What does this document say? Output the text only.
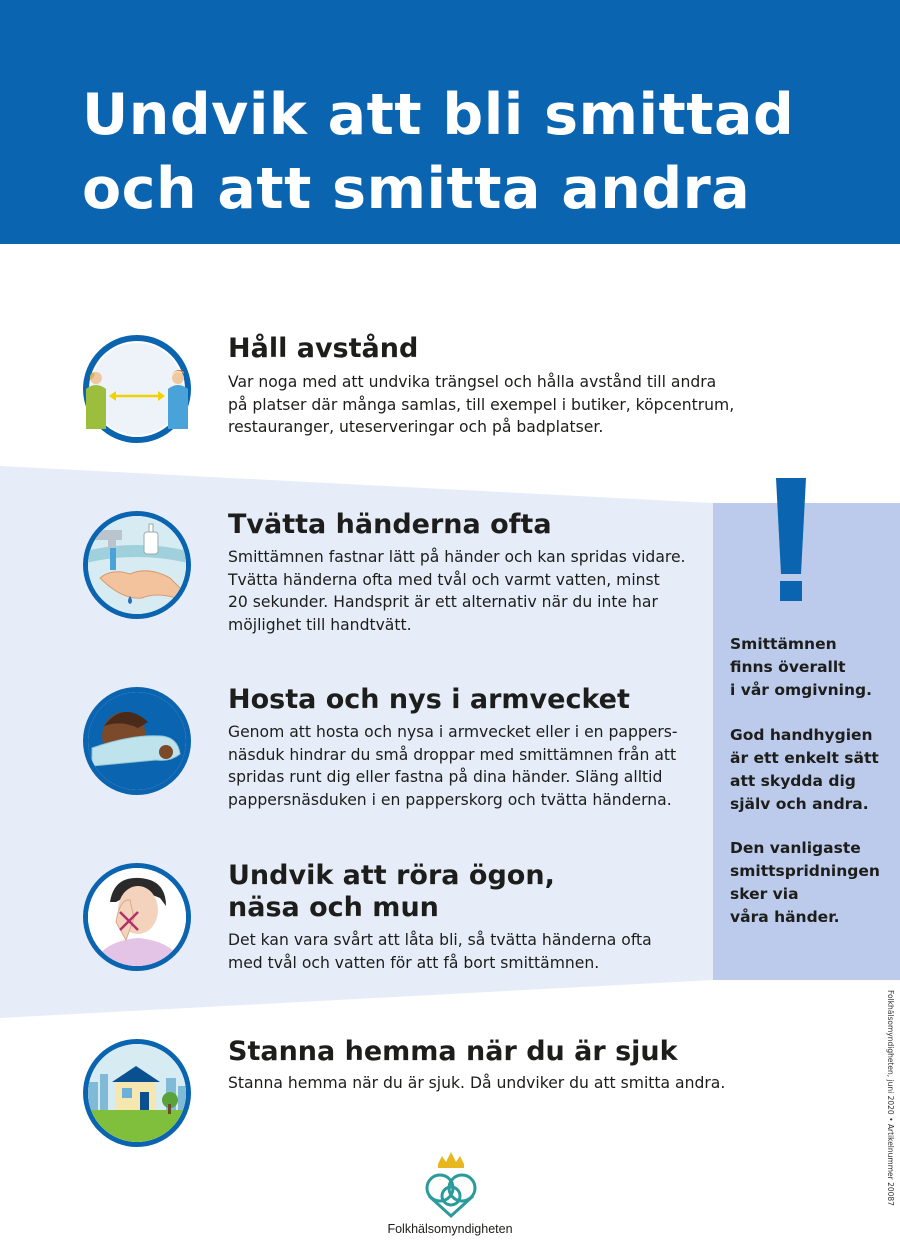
Undvik att bli smittad
och att smitta andra

Smittämnen
finns överallt
i vår omgivning.

God handhygien
är ett enkelt sätt
att skydda dig
själv och andra.

Den vanligaste
smittspridningen
sker via
våra händer.

Håll avstånd

Var noga med att undvika trängsel och hålla avstånd till andra
på platser där många samlas, till exempel i butiker, köpcentrum,
restauranger, uteserveringar och på badplatser.

Tvätta händerna ofta

Smittämnen fastnar lätt på händer och kan spridas vidare.
Tvätta händerna ofta med tvål och varmt vatten, minst
20 sekunder. Handsprit är ett alternativ när du inte har
möjlighet till handtvätt.

Hosta och nys i armvecket

Genom att hosta och nysa i armvecket eller i en pappers-
näsduk hindrar du små droppar med smittämnen från att
spridas runt dig eller fastna på dina händer. Släng alltid
pappersnäsduken i en papperskorg och tvätta händerna.

Undvik att röra ögon,
näsa och mun

Det kan vara svårt att låta bli, så tvätta händerna ofta
med tvål och vatten för att få bort smittämnen.

Stanna hemma när du är sjuk

Stanna hemma när du är sjuk. Då undviker du att smitta andra.	Folkhälsomyndigheten, juni 2020 • Artikelnummer 20087
Folkhälsomyndigheten
